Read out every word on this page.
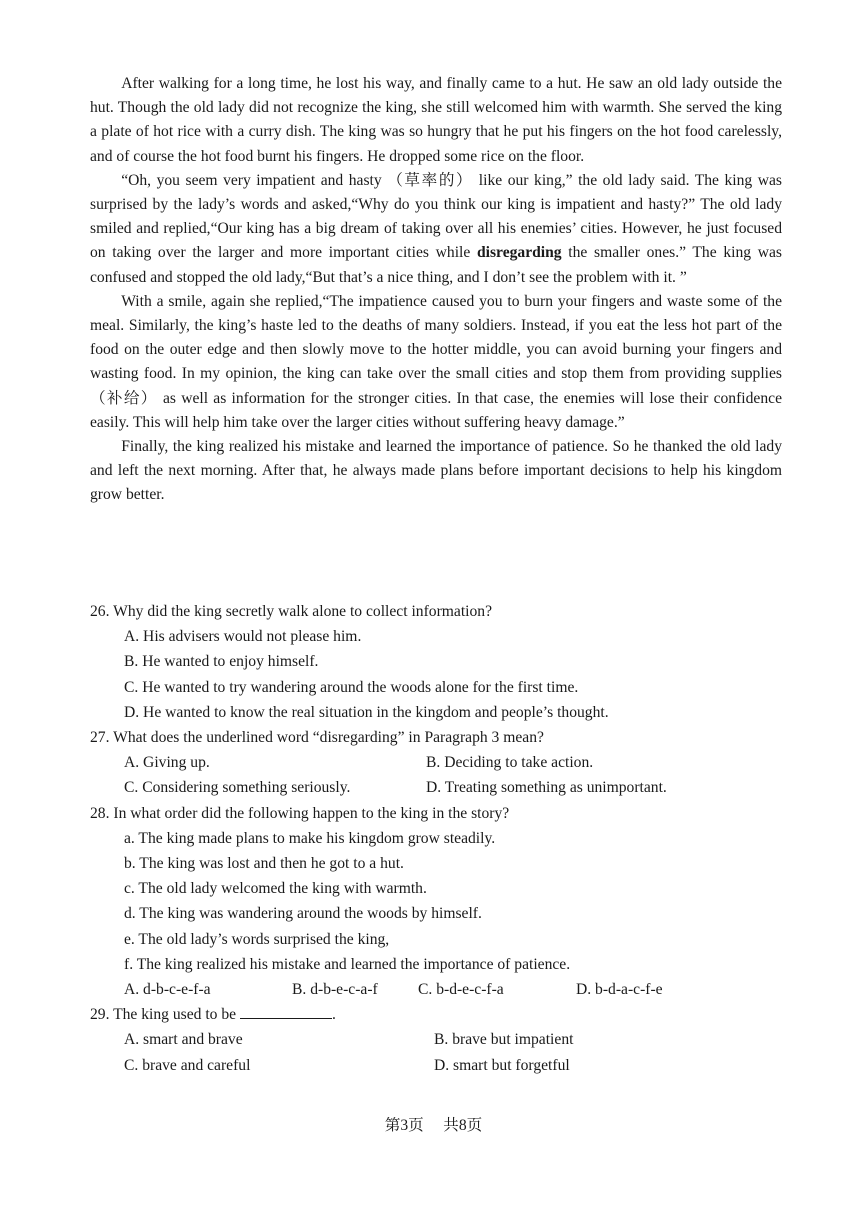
After walking for a long time, he lost his way, and finally came to a hut. He saw an old lady outside the hut. Though the old lady did not recognize the king, she still welcomed him with warmth. She served the king a plate of hot rice with a curry dish. The king was so hungry that he put his fingers on the hot food carelessly, and of course the hot food burnt his fingers. He dropped some rice on the floor.

“Oh, you seem very impatient and hasty （草率的） like our king,” the old lady said. The king was surprised by the lady’s words and asked,“Why do you think our king is impatient and hasty?” The old lady smiled and replied,“Our king has a big dream of taking over all his enemies’ cities. However, he just focused on taking over the larger and more important cities while disregarding the smaller ones.” The king was confused and stopped the old lady,“But that’s a nice thing, and I don’t see the problem with it. ”

With a smile, again she replied,“The impatience caused you to burn your fingers and waste some of the meal. Similarly, the king’s haste led to the deaths of many soldiers. Instead, if you eat the less hot part of the food on the outer edge and then slowly move to the hotter middle, you can avoid burning your fingers and wasting food. In my opinion, the king can take over the small cities and stop them from providing supplies（补给） as well as information for the stronger cities. In that case, the enemies will lose their confidence easily. This will help him take over the larger cities without suffering heavy damage.”

Finally, the king realized his mistake and learned the importance of patience. So he thanked the old lady and left the next morning. After that, he always made plans before important decisions to help his kingdom grow better.

26. Why did the king secretly walk alone to collect information?
A. His advisers would not please him.
B. He wanted to enjoy himself.
C. He wanted to try wandering around the woods alone for the first time.
D. He wanted to know the real situation in the kingdom and people’s thought.
27. What does the underlined word “disregarding” in Paragraph 3 mean?
A. Giving up.	B. Deciding to take action.
C. Considering something seriously.	D. Treating something as unimportant.
28. In what order did the following happen to the king in the story?
a. The king made plans to make his kingdom grow steadily.
b. The king was lost and then he got to a hut.
c. The old lady welcomed the king with warmth.
d. The king was wandering around the woods by himself.
e. The old lady’s words surprised the king,
f. The king realized his mistake and learned the importance of patience.
A. d-b-c-e-f-a	B. d-b-e-c-a-f	C. b-d-e-c-f-a	D. b-d-a-c-f-e
29. The king used to be	.
A. smart and brave	B. brave but impatient
C. brave and careful	D. smart but forgetful
第3页 共8页
